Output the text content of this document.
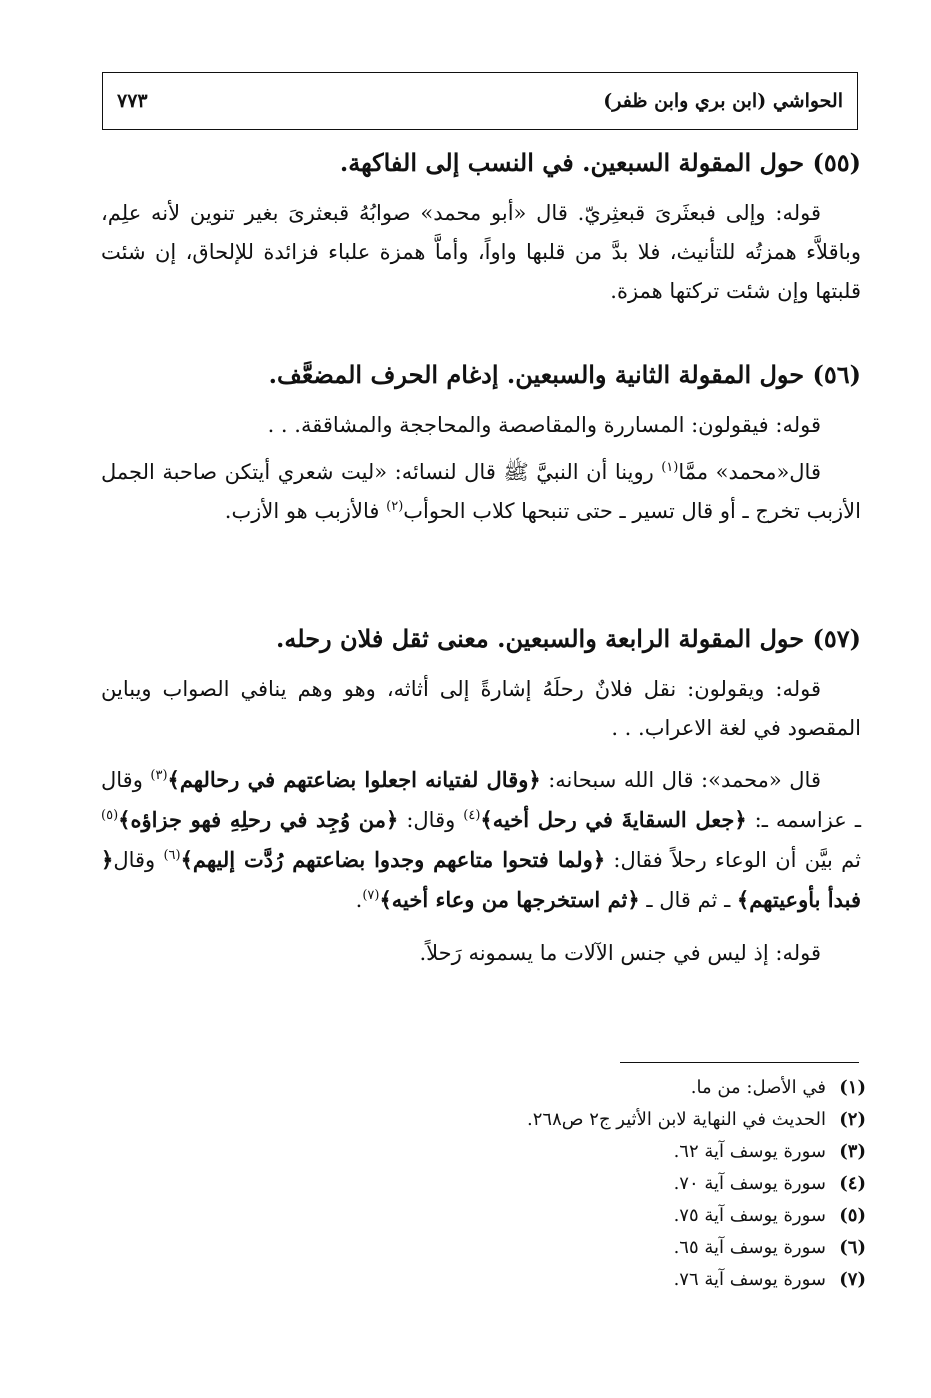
الحواشي (ابن بري وابن ظفر)
٧٧٣

(٥٥) حول المقولة السبعين. في النسب إلى الفاكهة.

قوله: وإلى فبعثَرىَ قبعثِريّ. قال «أبو محمد» صوابُهُ قبعثرىَ بغير تنوين لأنه علِم، وباقلاَّء همزتُه للتأنيث، فلا بدَّ من قلبها واواً، وأماَّ همزة علباء فزائدة للإلحاق، إن شئت قلبتها وإن شئت تركتها همزة.

(٥٦) حول المقولة الثانية والسبعين. إدغام الحرف المضعَّف.

قوله: فيقولون: المساررة والمقاصصة والمحاججة والمشاققة. . .

قال«محمد» ممَّا$^{(١)}$ روينا أن النبيَّ ﷺ قال لنسائه: «ليت شعري أيتكن صاحبة الجمل الأزبب تخرج ـ أو قال تسير ـ حتى تنبحها كلاب الحوأب$^{(٢)}$ فالأزبب هو الأزب.

(٥٧) حول المقولة الرابعة والسبعين. معنى ثقل فلان رحله.

قوله: ويقولون: نقل فلانٌ رحلَهُ إشارةً إلى أثاثه، وهو وهم ينافي الصواب ويباين المقصود في لغة الاعراب. . .

قال «محمد»: قال الله سبحانه: ﴿وقال لفتيانه اجعلوا بضاعتهم في رحالهم﴾$^{(٣)}$ وقال ـ عزاسمه ـ: ﴿جعل السقايةَ في رحل أخيه﴾$^{(٤)}$ وقال: ﴿من وُجِد في رحلِهِ فهو جزاؤه﴾$^{(٥)}$ ثم بيَّن أن الوعاء رحلاً فقال: ﴿ولما فتحوا متاعهم وجدوا بضاعتهم رُدَّت إليهم﴾$^{(٦)}$ وقال﴿ فبدأ بأوعيتهم﴾ ـ ثم قال ـ ﴿ثم استخرجها من وعاء أخيه﴾$^{(٧)}$.

قوله: إذ ليس في جنس الآلات ما يسمونه رَحلاً.

(١)في الأصل: من ما.
(٢)الحديث في النهاية لابن الأثير ج٢ ص٢٦٨.
(٣)سورة يوسف آية ٦٢.
(٤)سورة يوسف آية ٧٠.
(٥)سورة يوسف آية ٧٥.
(٦)سورة يوسف آية ٦٥.
(٧)سورة يوسف آية ٧٦.
